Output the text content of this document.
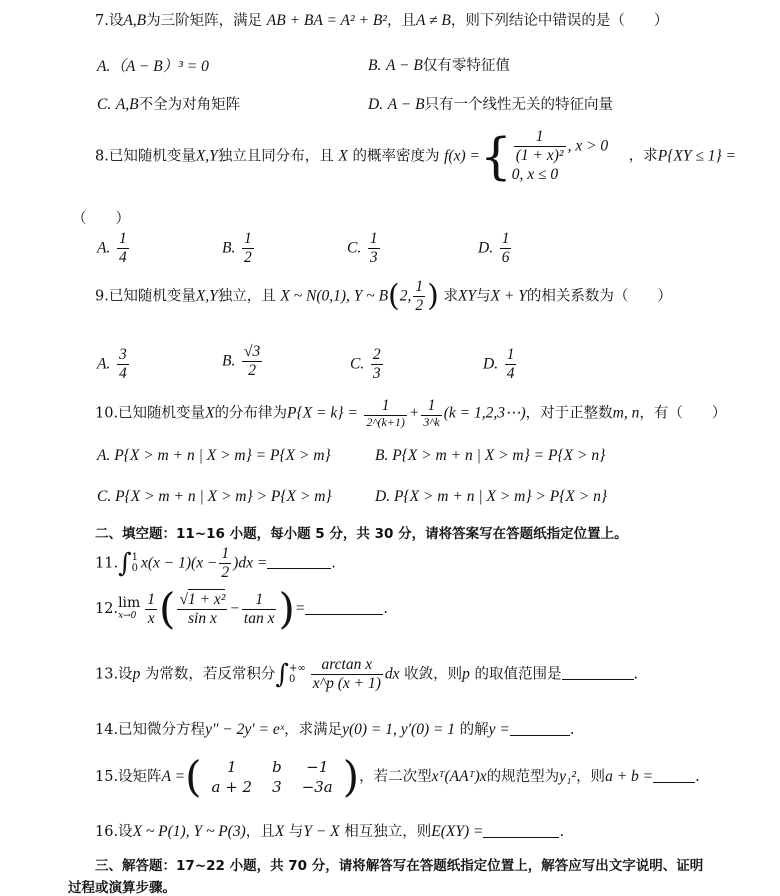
7.设A,B为三阶矩阵，满足 AB + BA = A² + B²，且A ≠ B，则下列结论中错误的是（　　）
A.（A − B）³ = 0	B. A − B仅有零特征值
C. A,B不全为对角矩阵	D. A − B只有一个线性无关的特征向量
8.已知随机变量X,Y独立且同分布，且 X 的概率密度为 f(x) ={ $\frac{1}{\text{(1 + x)²}}$ , x > 0
0, x ≤ 0
，求P{XY ≤ 1} =
（　　）
A. $\frac{1}{4}$	B. $\frac{1}{2}$	C. $\frac{1}{3}$	D. $\frac{1}{6}$
9.已知随机变量X,Y独立，且 X ~ N(0,1), Y ~ B(2, $\frac{1}{2}$ ) 求XY与X + Y的相关系数为（　　）
A. $\frac{3}{4}$	B. $\frac{√3}{2}$	C. $\frac{2}{3}$	D. $\frac{1}{4}$
10.已知随机变量X的分布律为$P\{X = k\} = \frac{1}{2\^{}(k+1)} + \frac{1}{3\^{}k} (k$ = 1,2,3⋯)，对于正整数m, n，有（　　）
A. P{X > m + n | X > m} = P{X > m}	B. P{X > m + n | X > m} = P{X > n}
C. P{X > m + n | X > m} > P{X > m}	D. P{X > m + n | X > m} > P{X > n}
二、填空题：11~16 小题，每小题 5 分，共 30 分，请将答案写在答题纸指定位置上。
11.∫ 1
0 $x(x - 1)(x - \frac{1}{2} )dx$ =	.
12. lim
$x\to 0 \frac{1}{x}$ ( $\frac{\text{√1 + x²}}{\text{sin x}} - \frac{1}{\text{tan x}}$ )=	.
13.设p 为常数，若反常积分∫ +∞
$0 \frac{\text{arctan x}}{x\^{}p (x + 1)}$ dx 收敛，则p 的取值范围是	.
14.已知微分方程y″ − 2y′ = eˣ，求满足y(0) = 1, y′(0) = 1 的解y =	.
15.设矩阵A =( 1	b	−1
a + 2	3	−3a )，若二次型xᵀ(AAᵀ)x的规范型为y₁²，则a + b =	.
16.设X ~ P(1), Y ~ P(3)，且X 与Y − X 相互独立，则E(XY) =	.
三、解答题：17~22 小题，共 70 分，请将解答写在答题纸指定位置上，解答应写出文字说明、证明
过程或演算步骤。
